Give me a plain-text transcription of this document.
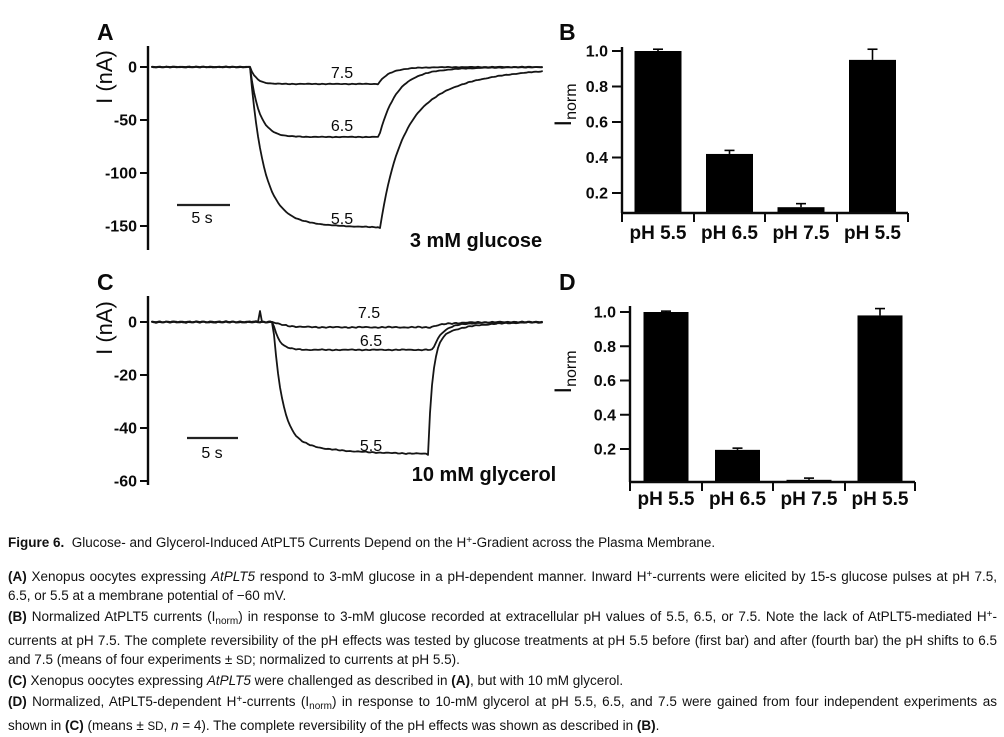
A
I (nA) 0
-50
-100
-150
7.5
6.5
5.5
5 s
3 mM glucose
B
Inorm
1.0
0.8
0.6
0.4
0.2
pH 5.5 pH 6.5 pH 7.5 pH 5.5
C
I (nA) 0
-20
-40
-60
7.5
6.5
5.5
5 s
10 mM glycerol
D
Inorm
1.0
0.8
0.6
0.4
0.2
pH 5.5 pH 6.5 pH 7.5 pH 5.5

Figure 6.  Glucose- and Glycerol-Induced AtPLT5 Currents Depend on the H+-Gradient across the Plasma Membrane.

(A) Xenopus oocytes expressing AtPLT5 respond to 3-mM glucose in a pH-dependent manner. Inward H+-currents were elicited by 15-s glucose pulses at pH 7.5, 6.5, or 5.5 at a membrane potential of −60 mV.

(B) Normalized AtPLT5 currents $(I_{norm})$ in response to 3-mM glucose recorded at extracellular pH values of 5.5, 6.5, or 7.5. Note the lack of AtPLT5-mediated H+-currents at pH 7.5. The complete reversibility of the pH effects was tested by glucose treatments at pH 5.5 before (first bar) and after (fourth bar) the pH shifts to 6.5 and 7.5 (means of four experiments ± SD; normalized to currents at pH 5.5).

(C) Xenopus oocytes expressing AtPLT5 were challenged as described in (A), but with 10 mM glycerol.

(D) Normalized, AtPLT5-dependent H+-currents $(I_{norm})$ in response to 10-mM glycerol at pH 5.5, 6.5, and 7.5 were gained from four independent experiments as shown in (C) (means ± SD, n = 4). The complete reversibility of the pH effects was shown as described in (B).
